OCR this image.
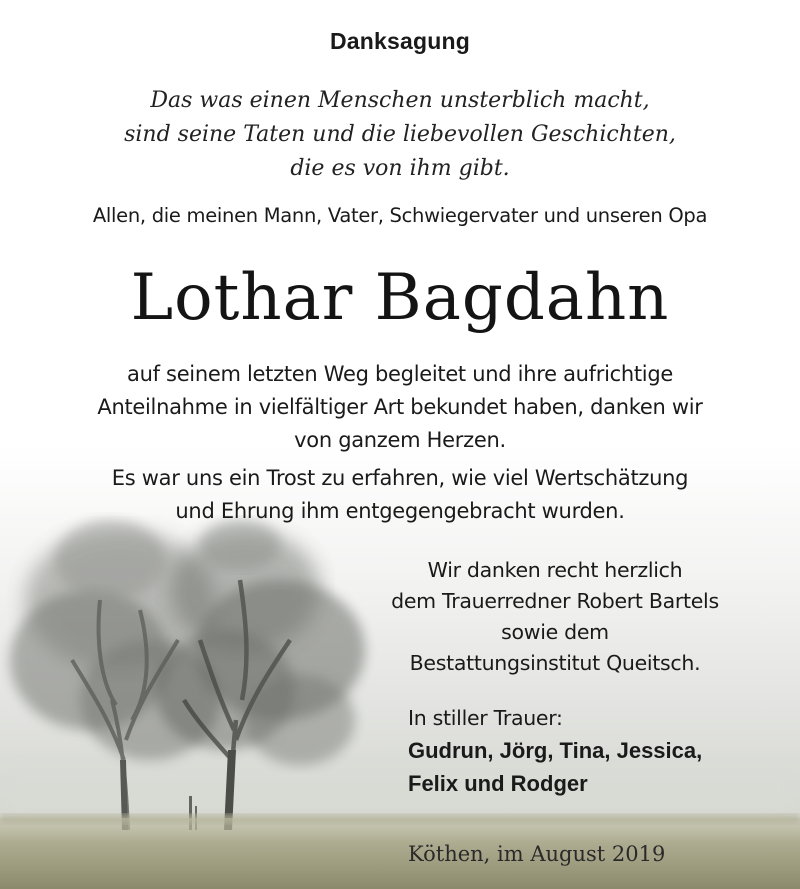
Danksagung
Das was einen Menschen unsterblich macht,
sind seine Taten und die liebevollen Geschichten,
die es von ihm gibt.
Allen, die meinen Mann, Vater, Schwiegervater und unseren Opa
Lothar Bagdahn
auf seinem letzten Weg begleitet und ihre aufrichtige
Anteilnahme in vielfältiger Art bekundet haben, danken wir
von ganzem Herzen.
Es war uns ein Trost zu erfahren, wie viel Wertschätzung
und Ehrung ihm entgegengebracht wurden.
Wir danken recht herzlich
dem Trauerredner Robert Bartels
sowie dem
Bestattungsinstitut Queitsch.
In stiller Trauer:
Gudrun, Jörg, Tina, Jessica,
Felix und Rodger
Köthen, im August 2019
